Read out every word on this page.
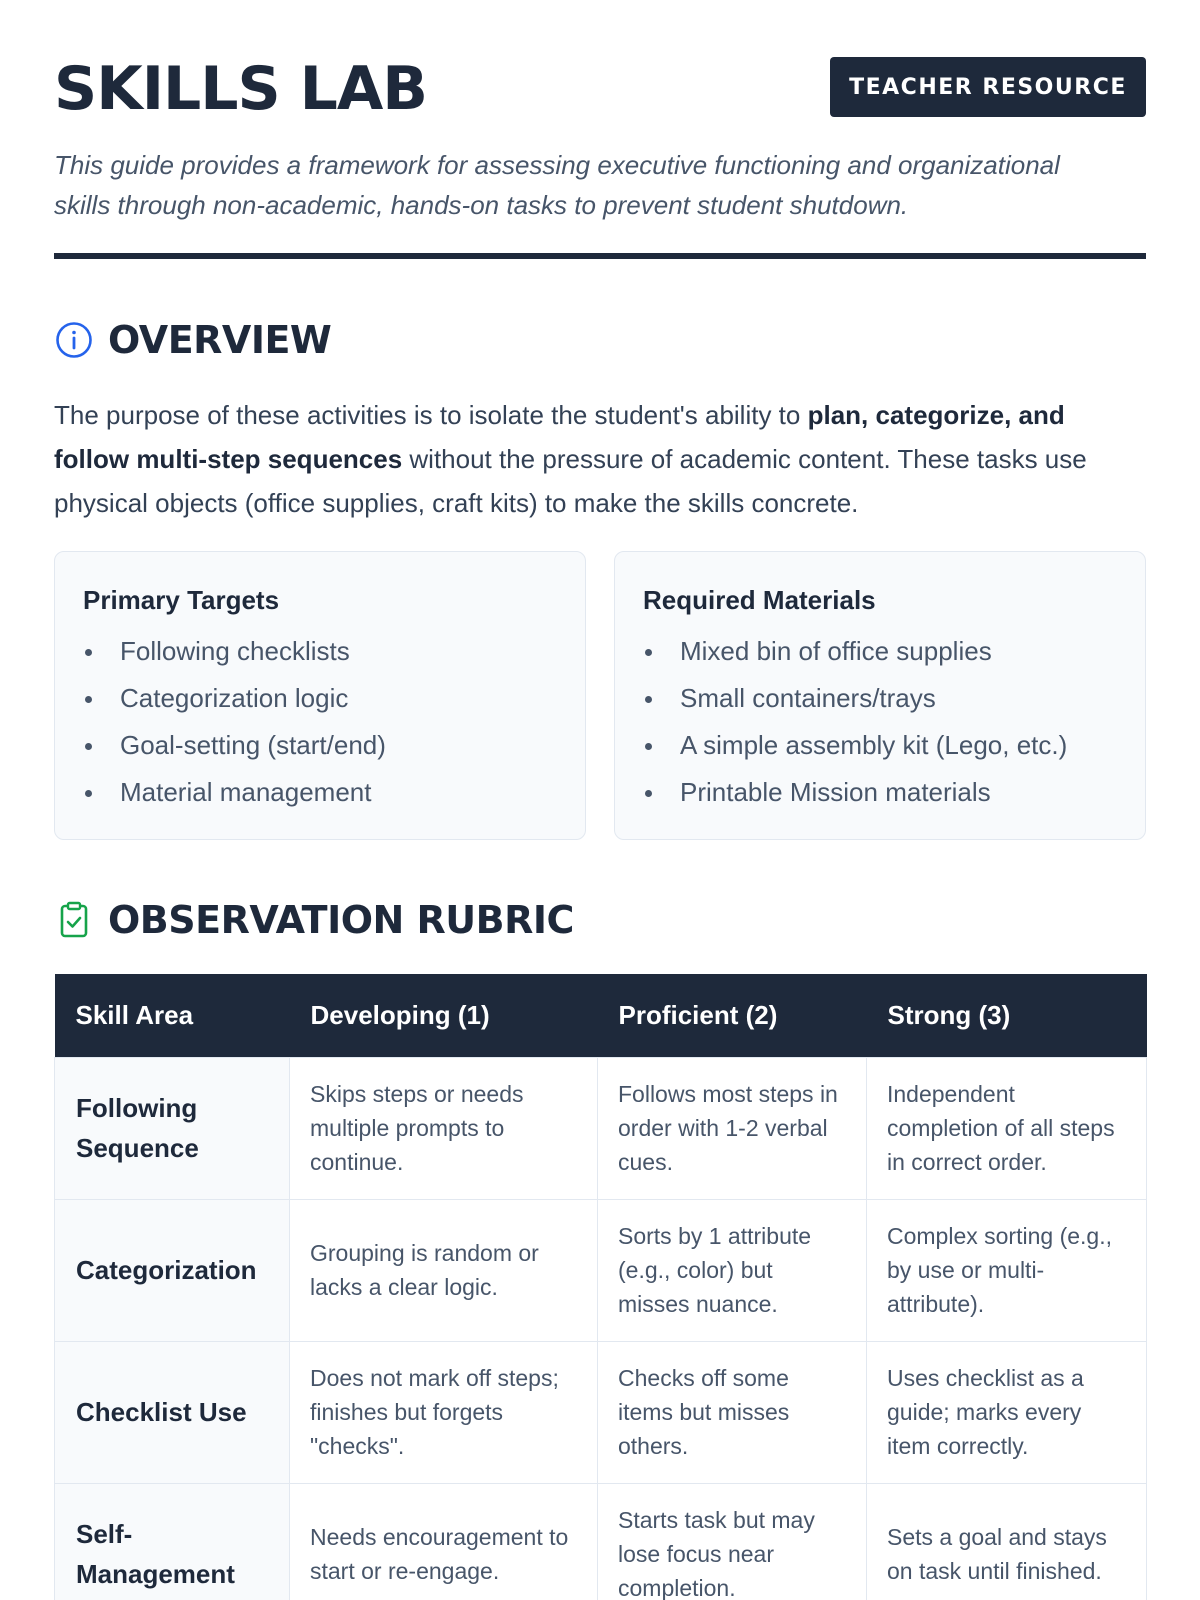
SKILLS LAB	TEACHER RESOURCE

This guide provides a framework for assessing executive functioning and organizational skills through non-academic, hands-on tasks to prevent student shutdown.

OVERVIEW

The purpose of these activities is to isolate the student's ability to plan, categorize, and follow multi-step sequences without the pressure of academic content. These tasks use physical objects (office supplies, craft kits) to make the skills concrete.

Primary Targets
Following checklists
Categorization logic
Goal-setting (start/end)
Material management
Required Materials
Mixed bin of office supplies
Small containers/trays
A simple assembly kit (Lego, etc.)
Printable Mission materials
OBSERVATION RUBRIC
Skill Area	Developing (1)	Proficient (2)	Strong (3)
Following Sequence	Skips steps or needs multiple prompts to continue.	Follows most steps in order with 1-2 verbal cues.	Independent completion of all steps in correct order.
Categorization	Grouping is random or lacks a clear logic.	Sorts by 1 attribute (e.g., color) but misses nuance.	Complex sorting (e.g., by use or multi-attribute).
Checklist Use	Does not mark off steps; finishes but forgets "checks".	Checks off some items but misses others.	Uses checklist as a guide; marks every item correctly.
Self-Management	Needs encouragement to start or re-engage.	Starts task but may lose focus near completion.	Sets a goal and stays on task until finished.
